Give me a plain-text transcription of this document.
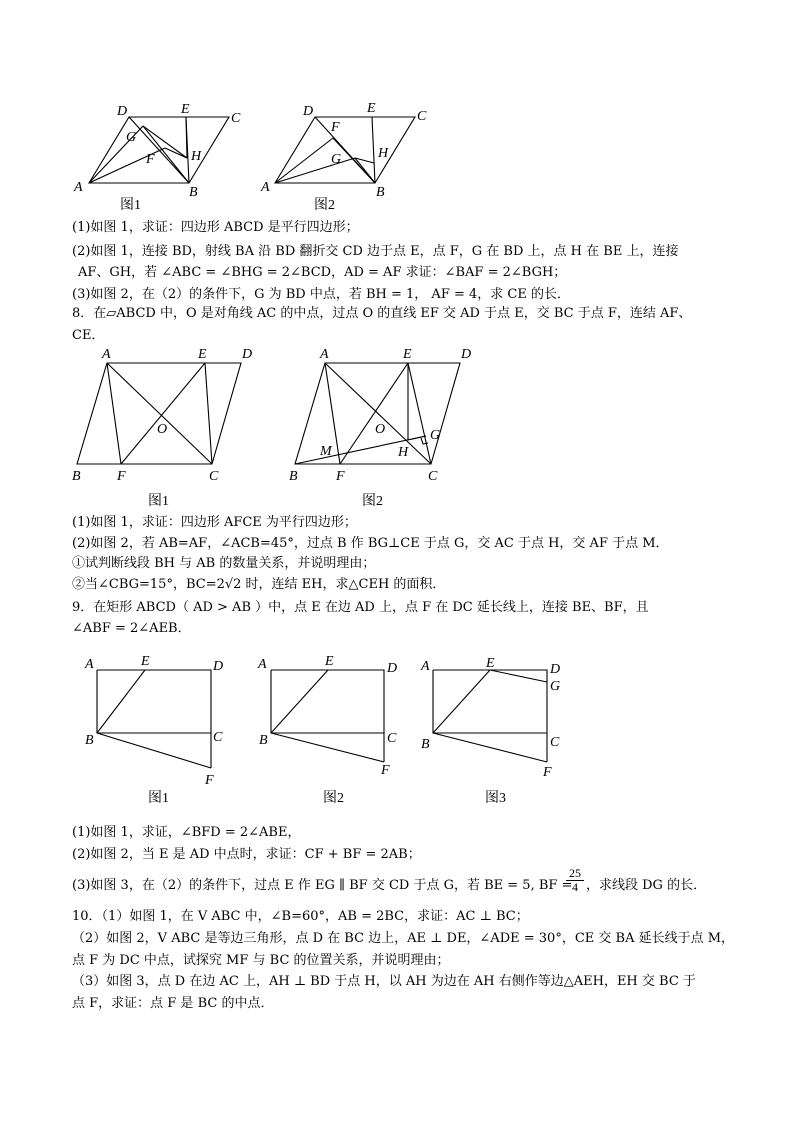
D	E
C
G
F	H
A	B
图1
D	E
C
F
G	H
A	B
图2
(1)如图 1，求证：四边形 ABCD 是平行四边形；
(2)如图 1，连接 BD，射线 BA 沿 BD 翻折交 CD 边于点 E，点 F，G 在 BD 上，点 H 在 BE 上，连接
AF、GH，若 ∠ABC = ∠BHG = 2∠BCD，AD = AF 求证：∠BAF = 2∠BGH；
(3)如图 2，在（2）的条件下，G 为 BD 中点，若 BH = 1， AF = 4，求 CE 的长．
8．在▱ABCD 中，O 是对角线 AC 的中点，过点 O 的直线 EF 交 AD 于点 E，交 BC 于点 F，连结 AF、
CE．
A	E	D
O
B	F	C
图1
A	E	D
O	G
M	H
B	F	C
图2
(1)如图 1，求证：四边形 AFCE 为平行四边形；
(2)如图 2，若 AB=AF，∠ACB=45°，过点 B 作 BG⊥CE 于点 G，交 AC 于点 H，交 AF 于点 M．
①试判断线段 BH 与 AB 的数量关系，并说明理由；
②当∠CBG=15°，BC=2√2 时，连结 EH，求△CEH 的面积．
9．在矩形 ABCD（ AD > AB ）中，点 E 在边 AD 上，点 F 在 DC 延长线上，连接 BE、BF，且
∠ABF = 2∠AEB．
A	E	D
B	C
F
图1
A	E	D
B	C
F
图2
A	E	D
G
B	C
F
图3
(1)如图 1，求证，∠BFD = 2∠ABE，
(2)如图 2，当 E 是 AD 中点时，求证：CF + BF = 2AB；
(3)如图 3，在（2）的条件下，过点 E 作 EG ∥ BF 交 CD 于点 G，若 BE = 5, BF =
$\frac{25}{4}$ ，求线段 DG 的长．
10．（1）如图 1，在 V ABC 中，∠B=60°，AB = 2BC，求证：AC ⊥ BC；
（2）如图 2，V ABC 是等边三角形，点 D 在 BC 边上，AE ⊥ DE，∠ADE = 30°，CE 交 BA 延长线于点 M，
点 F 为 DC 中点，试探究 MF 与 BC 的位置关系，并说明理由；
（3）如图 3，点 D 在边 AC 上，AH ⊥ BD 于点 H，以 AH 为边在 AH 右侧作等边△AEH，EH 交 BC 于
点 F，求证：点 F 是 BC 的中点．
